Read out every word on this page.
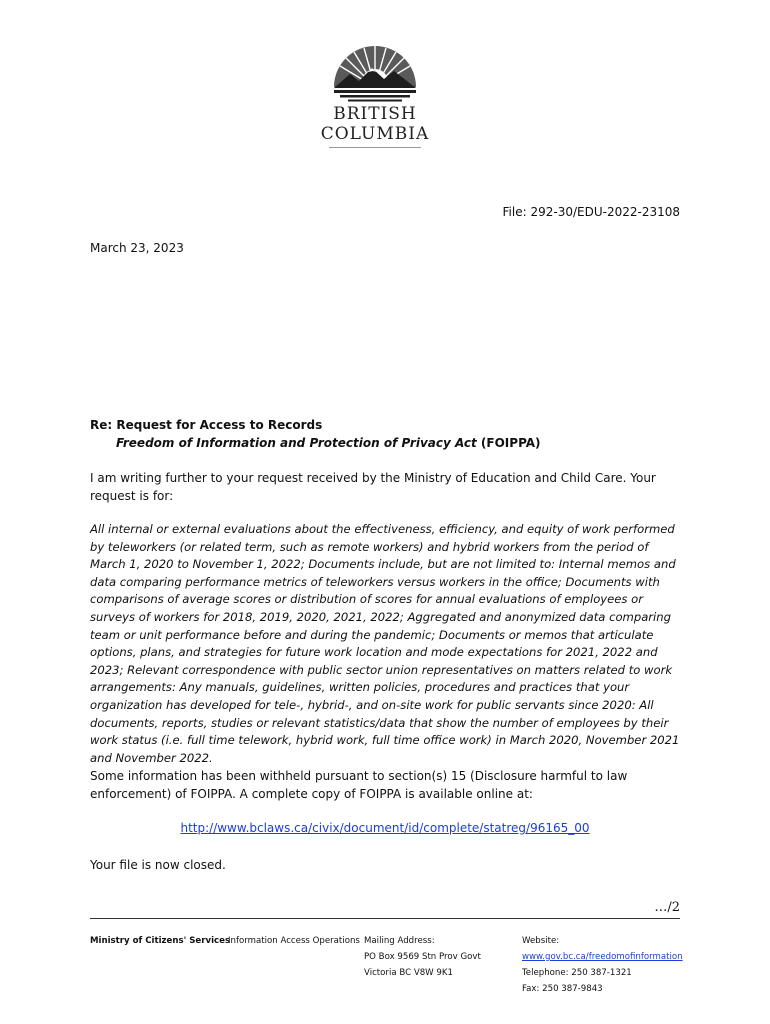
BRITISH
COLUMBIA
File: 292-30/EDU-2022-23108
March 23, 2023
Re: Request for Access to Records
Freedom of Information and Protection of Privacy Act (FOIPPA)
I am writing further to your request received by the Ministry of Education and Child Care. Your request is for:
All internal or external evaluations about the effectiveness, efficiency, and equity of work performed by teleworkers (or related term, such as remote workers) and hybrid workers from the period of March 1, 2020 to November 1, 2022; Documents include, but are not limited to: Internal memos and data comparing performance metrics of teleworkers versus workers in the office; Documents with comparisons of average scores or distribution of scores for annual evaluations of employees or surveys of workers for 2018, 2019, 2020, 2021, 2022; Aggregated and anonymized data comparing team or unit performance before and during the pandemic; Documents or memos that articulate options, plans, and strategies for future work location and mode expectations for 2021, 2022 and 2023; Relevant correspondence with public sector union representatives on matters related to work arrangements: Any manuals, guidelines, written policies, procedures and practices that your organization has developed for tele-, hybrid-, and on-site work for public servants since 2020: All documents, reports, studies or relevant statistics/data that show the number of employees by their work status (i.e. full time telework, hybrid work, full time office work) in March 2020, November 2021 and November 2022.
Some information has been withheld pursuant to section(s) 15 (Disclosure harmful to law enforcement) of FOIPPA. A complete copy of FOIPPA is available online at:
http://www.bclaws.ca/civix/document/id/complete/statreg/96165_00
Your file is now closed.
…/2
Ministry of Citizens' Services
Information Access Operations Mailing Address:
PO Box 9569 Stn Prov Govt
Victoria BC V8W 9K1
Website:
www.gov.bc.ca/freedomofinformation
Telephone: 250 387-1321
Fax: 250 387-9843
